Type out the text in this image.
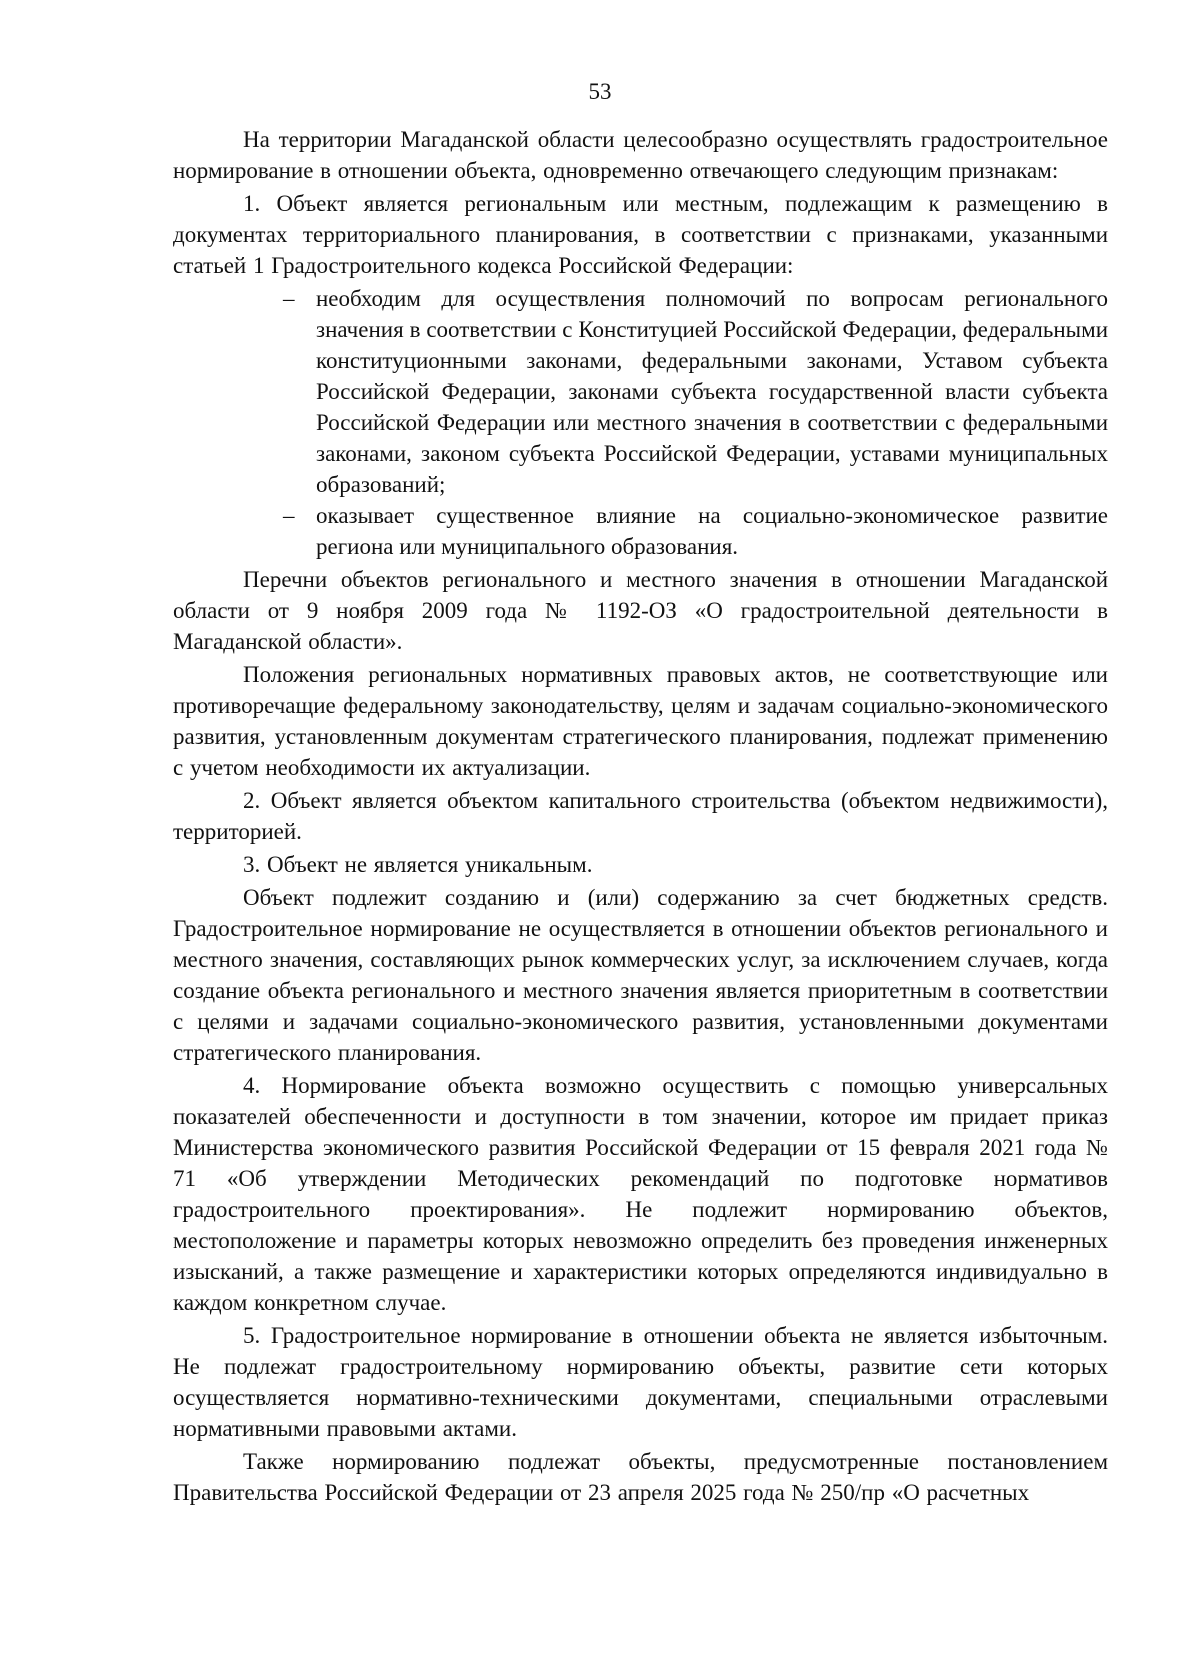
53

На территории Магаданской области целесообразно осуществлять градостроительное нормирование в отношении объекта, одновременно отвечающего следующим признакам:

1. Объект является региональным или местным, подлежащим к размещению в документах территориального планирования, в соответствии с признаками, указанными статьей 1 Градостроительного кодекса Российской Федерации:

– необходим для осуществления полномочий по вопросам регионального значения в соответствии с Конституцией Российской Федерации, федеральными конституционными законами, федеральными законами, Уставом субъекта Российской Федерации, законами субъекта государственной власти субъекта Российской Федерации или местного значения в соответствии с федеральными законами, законом субъекта Российской Федерации, уставами муниципальных образований;
– оказывает существенное влияние на социально-экономическое развитие региона или муниципального образования.

Перечни объектов регионального и местного значения в отношении Магаданской области от 9 ноября 2009 года № 1192-ОЗ «О градостроительной деятельности в Магаданской области».

Положения региональных нормативных правовых актов, не соответствующие или противоречащие федеральному законодательству, целям и задачам социально-экономического развития, установленным документам стратегического планирования, подлежат применению с учетом необходимости их актуализации.

2. Объект является объектом капитального строительства (объектом недвижимости), территорией.

3. Объект не является уникальным.

Объект подлежит созданию и (или) содержанию за счет бюджетных средств. Градостроительное нормирование не осуществляется в отношении объектов регионального и местного значения, составляющих рынок коммерческих услуг, за исключением случаев, когда создание объекта регионального и местного значения является приоритетным в соответствии с целями и задачами социально-экономического развития, установленными документами стратегического планирования.

4. Нормирование объекта возможно осуществить с помощью универсальных показателей обеспеченности и доступности в том значении, которое им придает приказ Министерства экономического развития Российской Федерации от 15 февраля 2021 года № 71 «Об утверждении Методических рекомендаций по подготовке нормативов градостроительного проектирования». Не подлежит нормированию объектов, местоположение и параметры которых невозможно определить без проведения инженерных изысканий, а также размещение и характеристики которых определяются индивидуально в каждом конкретном случае.

5. Градостроительное нормирование в отношении объекта не является избыточным. Не подлежат градостроительному нормированию объекты, развитие сети которых осуществляется нормативно-техническими документами, специальными отраслевыми нормативными правовыми актами.

Также нормированию подлежат объекты, предусмотренные постановлением Правительства Российской Федерации от 23 апреля 2025 года № 250/пр «О расчетных
